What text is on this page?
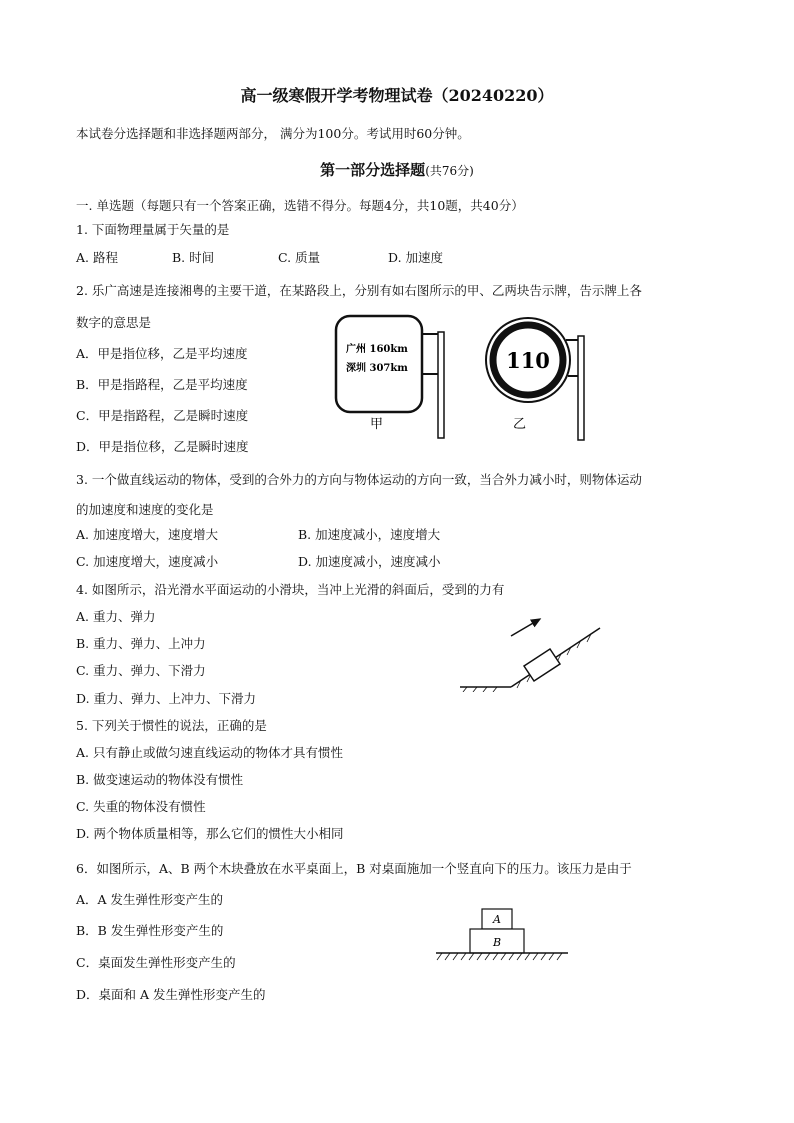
高一级寒假开学考物理试卷（20240220）
本试卷分选择题和非选择题两部分， 满分为100分。考试用时60分钟。
第一部分选择题(共76分)
一. 单选题（每题只有一个答案正确，选错不得分。每题4分，共10题，共40分）
1. 下面物理量属于矢量的是
A. 路程	B. 时间	C. 质量	D. 加速度
2. 乐广高速是连接湘粤的主要干道，在某路段上，分别有如右图所示的甲、乙两块告示牌，告示牌上各
数字的意思是
A．甲是指位移，乙是平均速度
B．甲是指路程，乙是平均速度
C．甲是指路程，乙是瞬时速度
D．甲是指位移，乙是瞬时速度
广州 160km
深圳 307km
甲
110
乙
3. 一个做直线运动的物体，受到的合外力的方向与物体运动的方向一致，当合外力减小时，则物体运动
的加速度和速度的变化是
A. 加速度增大，速度增大	B. 加速度减小，速度增大
C. 加速度增大，速度减小	D. 加速度减小，速度减小
4. 如图所示，沿光滑水平面运动的小滑块，当冲上光滑的斜面后，受到的力有
A. 重力、弹力
B. 重力、弹力、上冲力
C. 重力、弹力、下滑力
D. 重力、弹力、上冲力、下滑力
5. 下列关于惯性的说法，正确的是
A. 只有静止或做匀速直线运动的物体才具有惯性
B. 做变速运动的物体没有惯性
C. 失重的物体没有惯性
D. 两个物体质量相等，那么它们的惯性大小相同
6．如图所示，A、B 两个木块叠放在水平桌面上，B 对桌面施加一个竖直向下的压力。该压力是由于
A．A 发生弹性形变产生的
B．B 发生弹性形变产生的
C．桌面发生弹性形变产生的
D．桌面和 A 发生弹性形变产生的
A
B
